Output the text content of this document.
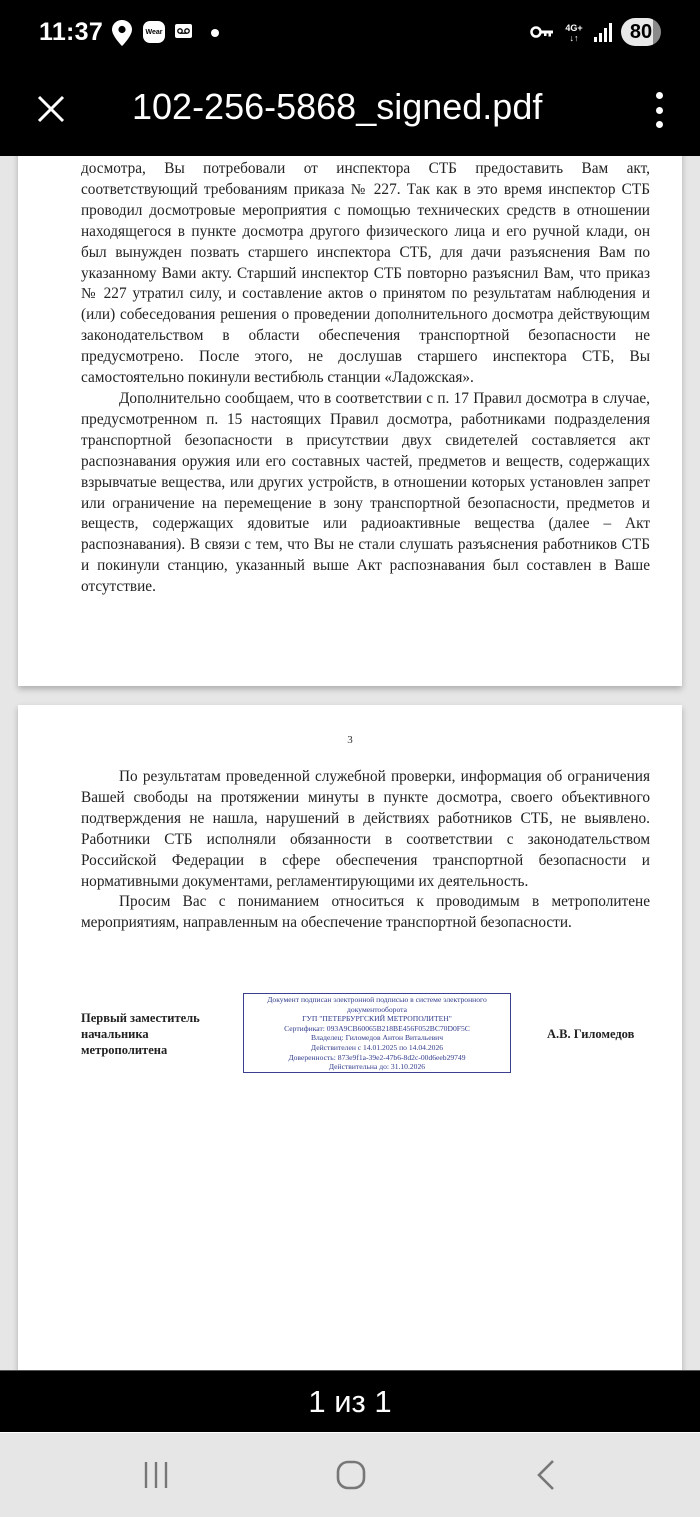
11:37	Wear	4G+
↓↑	80
102-256-5868_signed.pdf

досмотра, Вы потребовали от инспектора СТБ предоставить Вам акт, соответствующий требованиям приказа № 227. Так как в это время инспектор СТБ проводил досмотровые мероприятия с помощью технических средств в отношении находящегося в пункте досмотра другого физического лица и его ручной клади, он был вынужден позвать старшего инспектора СТБ, для дачи разъяснения Вам по указанному Вами акту. Старший инспектор СТБ повторно разъяснил Вам, что приказ № 227 утратил силу, и составление актов о принятом по результатам наблюдения и (или) собеседования решения о проведении дополнительного досмотра действующим законодательством в области обеспечения транспортной безопасности не предусмотрено. После этого, не дослушав старшего инспектора СТБ, Вы самостоятельно покинули вестибюль станции «Ладожская».

Дополнительно сообщаем, что в соответствии с п. 17 Правил досмотра в случае, предусмотренном п. 15 настоящих Правил досмотра, работниками подразделения транспортной безопасности в присутствии двух свидетелей составляется акт распознавания оружия или его составных частей, предметов и веществ, содержащих взрывчатые вещества, или других устройств, в отношении которых установлен запрет или ограничение на перемещение в зону транспортной безопасности, предметов и веществ, содержащих ядовитые или радиоактивные вещества (далее – Акт распознавания). В связи с тем, что Вы не стали слушать разъяснения работников СТБ и покинули станцию, указанный выше Акт распознавания был составлен в Ваше отсутствие.

3

По результатам проведенной служебной проверки, информация об ограничения Вашей свободы на протяжении минуты в пункте досмотра, своего объективного подтверждения не нашла, нарушений в действиях работников СТБ, не выявлено. Работники СТБ исполняли обязанности в соответствии с законодательством Российской Федерации в сфере обеспечения транспортной безопасности и нормативными документами, регламентирующими их деятельность.

Просим Вас с пониманием относиться к проводимым в метрополитене мероприятиям, направленным на обеспечение транспортной безопасности.

Первый заместитель
начальника
метрополитена
Документ подписан электронной подписью в системе электронного
документооборота
ГУП "ПЕТЕРБУРГСКИЙ МЕТРОПОЛИТЕН"
Сертификат: 093A9CB60065B218BE456F052BC70D0F5C
Владелец: Гиломедов Антон Витальевич
Действителен с 14.01.2025 по 14.04.2026
Доверенность: 873e9f1a-39e2-47b6-8d2c-00d6eeb29749
Действительна до: 31.10.2026
А.В. Гиломедов
1 из 1
